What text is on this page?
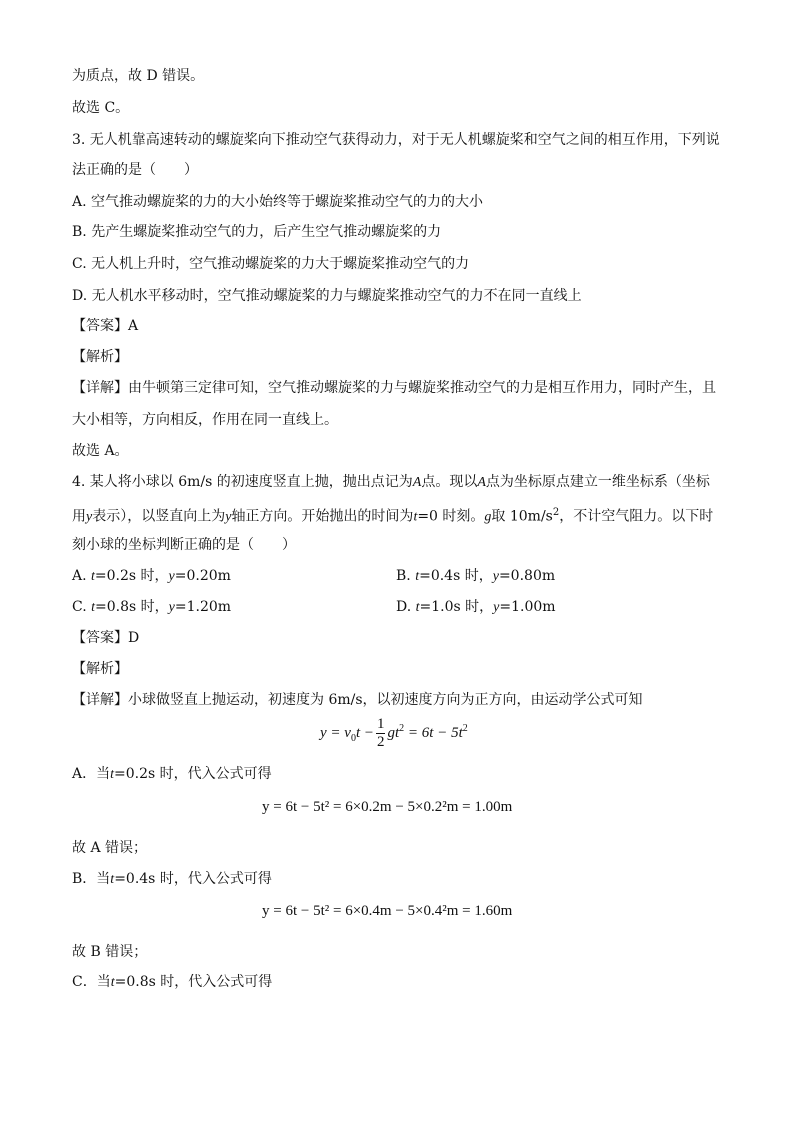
为质点，故 D 错误。
故选 C。
3. 无人机靠高速转动的螺旋桨向下推动空气获得动力，对于无人机螺旋桨和空气之间的相互作用，下列说
法正确的是（　　）
A. 空气推动螺旋桨的力的大小始终等于螺旋桨推动空气的力的大小
B. 先产生螺旋桨推动空气的力，后产生空气推动螺旋桨的力
C. 无人机上升时，空气推动螺旋桨的力大于螺旋桨推动空气的力
D. 无人机水平移动时，空气推动螺旋桨的力与螺旋桨推动空气的力不在同一直线上
【答案】A
【解析】
【详解】由牛顿第三定律可知，空气推动螺旋桨的力与螺旋桨推动空气的力是相互作用力，同时产生，且
大小相等，方向相反，作用在同一直线上。
故选 A。
4. 某人将小球以 6m/s 的初速度竖直上抛，抛出点记为A点。现以A点为坐标原点建立一维坐标系（坐标
用y表示），以竖直向上为y轴正方向。开始抛出的时间为t=0 时刻。g取 $10m/s^2$，不计空气阻力。以下时
刻小球的坐标判断正确的是（　　）
A. t=0.2s 时，y=0.20m	B. t=0.4s 时，y=0.80m
C. t=0.8s 时，y=1.20m	D. t=1.0s 时，y=1.00m
【答案】D
【解析】
【详解】小球做竖直上抛运动，初速度为 6m/s，以初速度方向为正方向，由运动学公式可知
$y = v_0t - \frac{1}{2} gt^2 = 6t - 5t^2$
A．当t=0.2s 时，代入公式可得
y = 6t − 5t² = 6×0.2m − 5×0.2²m = 1.00m
故 A 错误；
B．当t=0.4s 时，代入公式可得
y = 6t − 5t² = 6×0.4m − 5×0.4²m = 1.60m
故 B 错误；
C．当t=0.8s 时，代入公式可得
